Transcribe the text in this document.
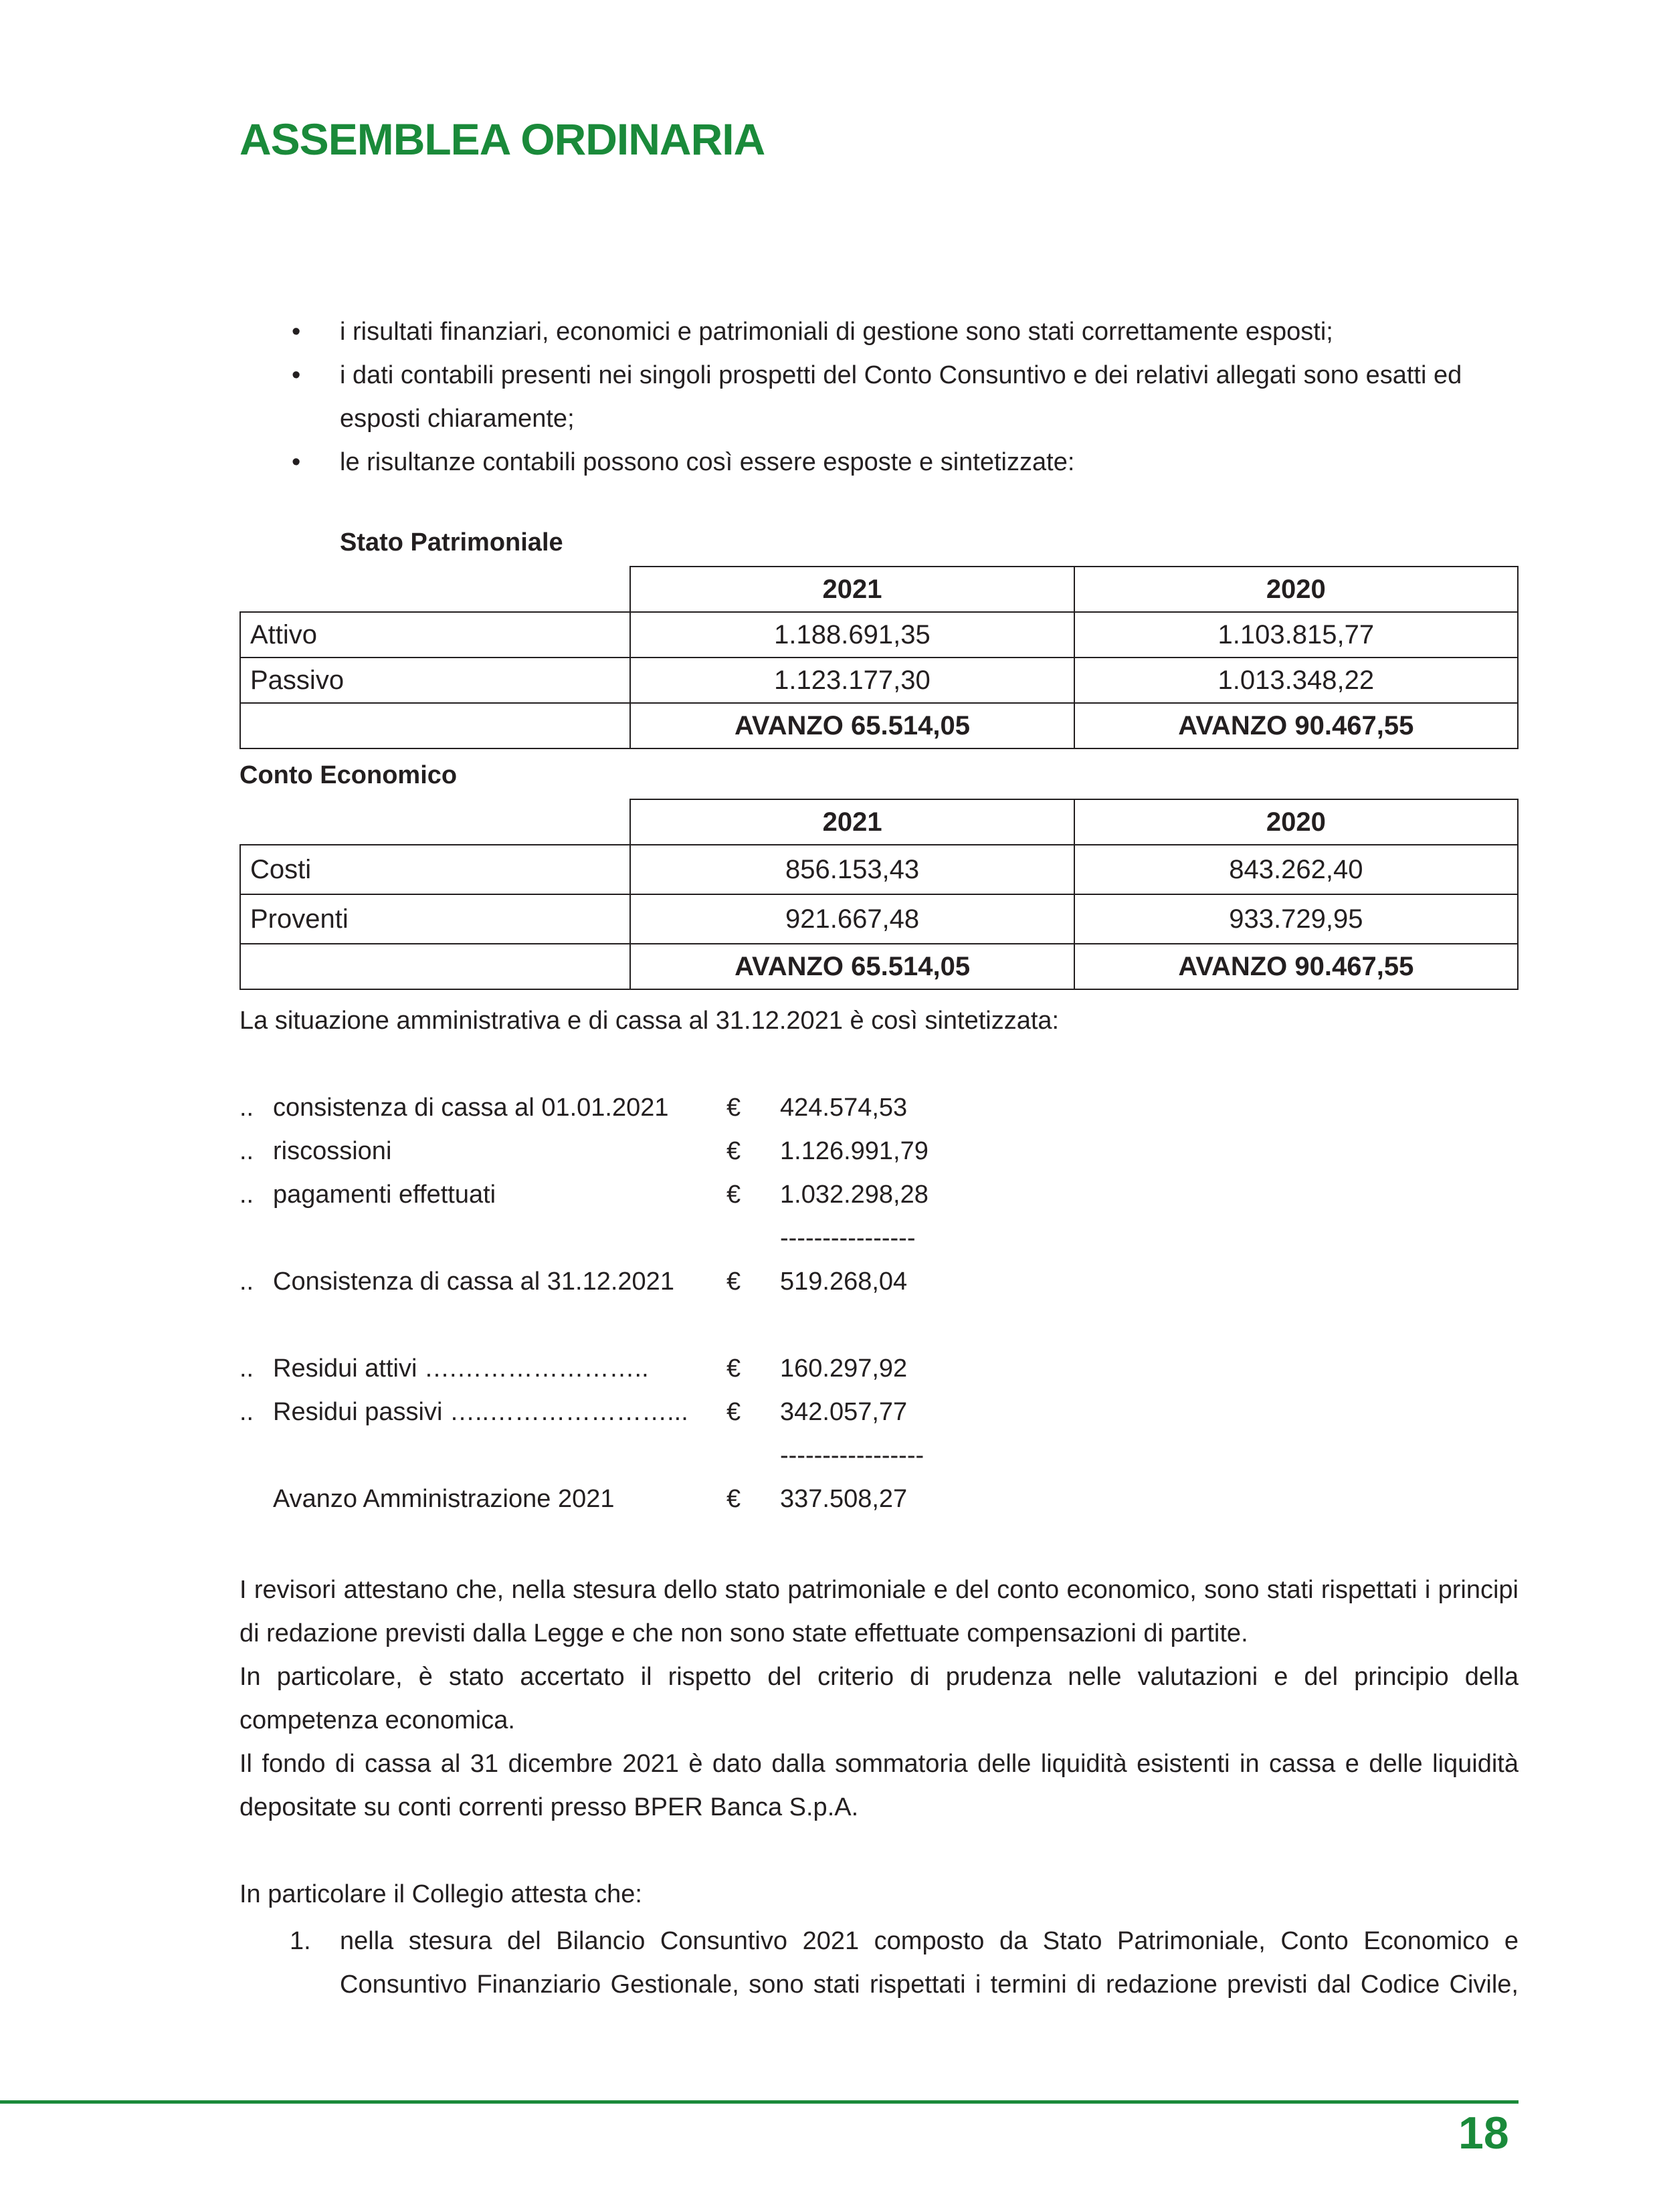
ASSEMBLEA ORDINARIA
• i risultati finanziari, economici e patrimoniali di gestione sono stati correttamente esposti;
• i dati contabili presenti nei singoli prospetti del Conto Consuntivo e dei relativi allegati sono esatti ed esposti chiaramente;
• le risultanze contabili possono così essere esposte e sintetizzate:
Stato Patrimoniale
	2021	2020
Attivo	1.188.691,35	1.103.815,77
Passivo	1.123.177,30	1.013.348,22
	AVANZO 65.514,05	AVANZO 90.467,55
Conto Economico
	2021	2020
Costi	856.153,43	843.262,40
Proventi	921.667,48	933.729,95
	AVANZO 65.514,05	AVANZO 90.467,55
La situazione amministrativa e di cassa al 31.12.2021 è così sintetizzata:
.. consistenza di cassa al 01.01.2021 € 424.574,53
.. riscossioni	€ 1.126.991,79
.. pagamenti effettuati	€ 1.032.298,28
----------------
.. Consistenza di cassa al 31.12.2021 € 519.268,04
.. Residui attivi ….…………………..	€ 160.297,92
.. Residui passivi …..…………………... € 342.057,77
-----------------
Avanzo Amministrazione 2021	€ 337.508,27

I revisori attestano che, nella stesura dello stato patrimoniale e del conto economico, sono stati rispettati i principi di redazione previsti dalla Legge e che non sono state effettuate compensazioni di partite.

In particolare, è stato accertato il rispetto del criterio di prudenza nelle valutazioni e del principio della competenza economica.

Il fondo di cassa al 31 dicembre 2021 è dato dalla sommatoria delle liquidità esistenti in cassa e delle liquidità depositate su conti correnti presso BPER Banca S.p.A.

In particolare il Collegio attesta che:

1. nella stesura del Bilancio Consuntivo 2021 composto da Stato Patrimoniale, Conto Economico e Consuntivo Finanziario Gestionale, sono stati rispettati i termini di redazione previsti dal Codice Civile,
18
